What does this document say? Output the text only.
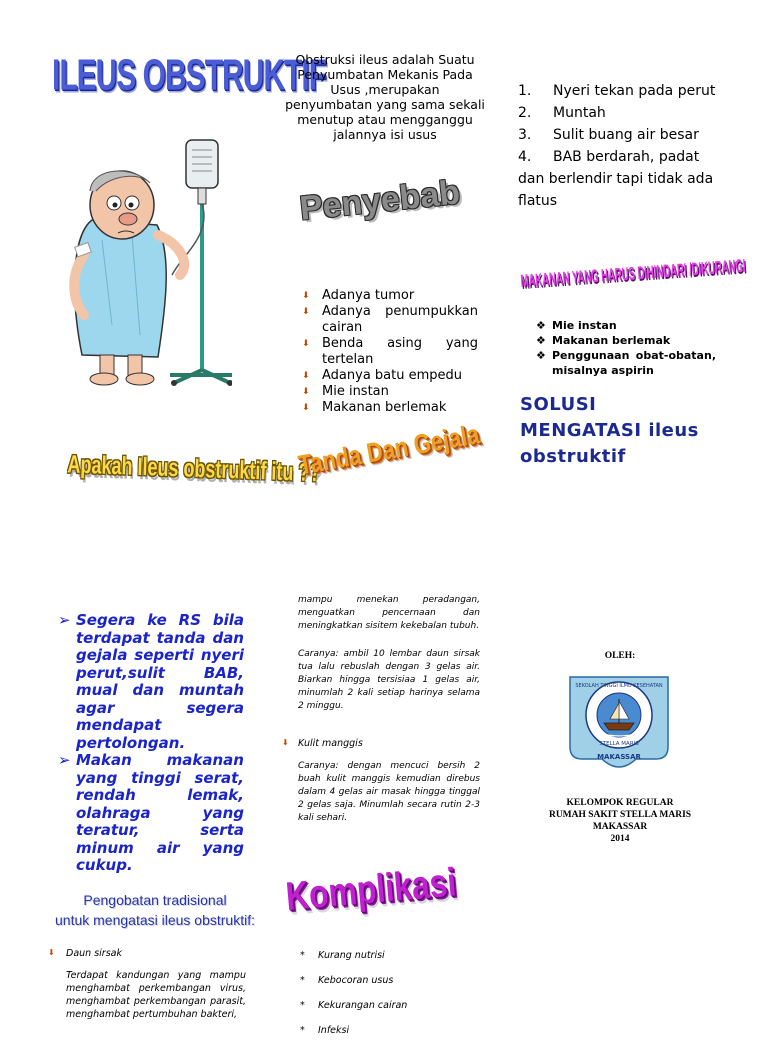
ILEUS OBSTRUKTIF
Apakah Ileus obstruktif itu ??
Obstruksi ileus adalah Suatu Penyumbatan Mekanis Pada Usus ,merupakan penyumbatan yang sama sekali menutup atau mengganggu jalannya isi usus
Penyebab
⬇ Adanya tumor
⬇ Adanya penumpukkan cairan
⬇ Benda asing yang tertelan
⬇ Adanya batu empedu
⬇ Mie instan
⬇ Makanan berlemak
Tanda Dan Gejala
1.	Nyeri tekan pada perut
2.	Muntah
3.	Sulit buang air besar
4. BAB berdarah, padat dan berlendir tapi tidak ada flatus
MAKANAN YANG HARUS DIHINDARI /DIKURANGI
❖ Mie instan
❖ Makanan berlemak
❖ Penggunaan obat-obatan, misalnya aspirin
SOLUSI MENGATASI ileus obstruktif
➢ Segera ke RS bila terdapat tanda dan gejala seperti nyeri perut,sulit BAB, mual dan muntah agar segera mendapat pertolongan.
➢ Makan makanan yang tinggi serat, rendah lemak, olahraga yang teratur, serta minum air yang cukup.
Pengobatan tradisional
untuk mengatasi ileus obstruktif:
⬇	Daun sirsak
Terdapat kandungan yang mampu menghambat perkembangan virus, menghambat perkembangan parasit, menghambat pertumbuhan bakteri,
mampu menekan peradangan, menguatkan pencernaan dan meningkatkan sisitem kekebalan tubuh.
Caranya: ambil 10 lembar daun sirsak tua lalu rebuslah dengan 3 gelas air. Biarkan hingga tersisiaa 1 gelas air, minumlah 2 kali setiap harinya selama 2 minggu.
⬇ Kulit manggis
Caranya: dengan mencuci bersih 2 buah kulit manggis kemudian direbus dalam 4 gelas air masak hingga tinggal 2 gelas saja. Minumlah secara rutin 2-3 kali sehari.
Komplikasi
* Kurang nutrisi
* Kebocoran usus
* Kekurangan cairan
* Infeksi
OLEH:
SEKOLAH TINGGI ILMU KESEHATAN
STELLA MARIS
MAKASSAR
KELOMPOK REGULAR
RUMAH SAKIT STELLA MARIS
MAKASSAR
2014
